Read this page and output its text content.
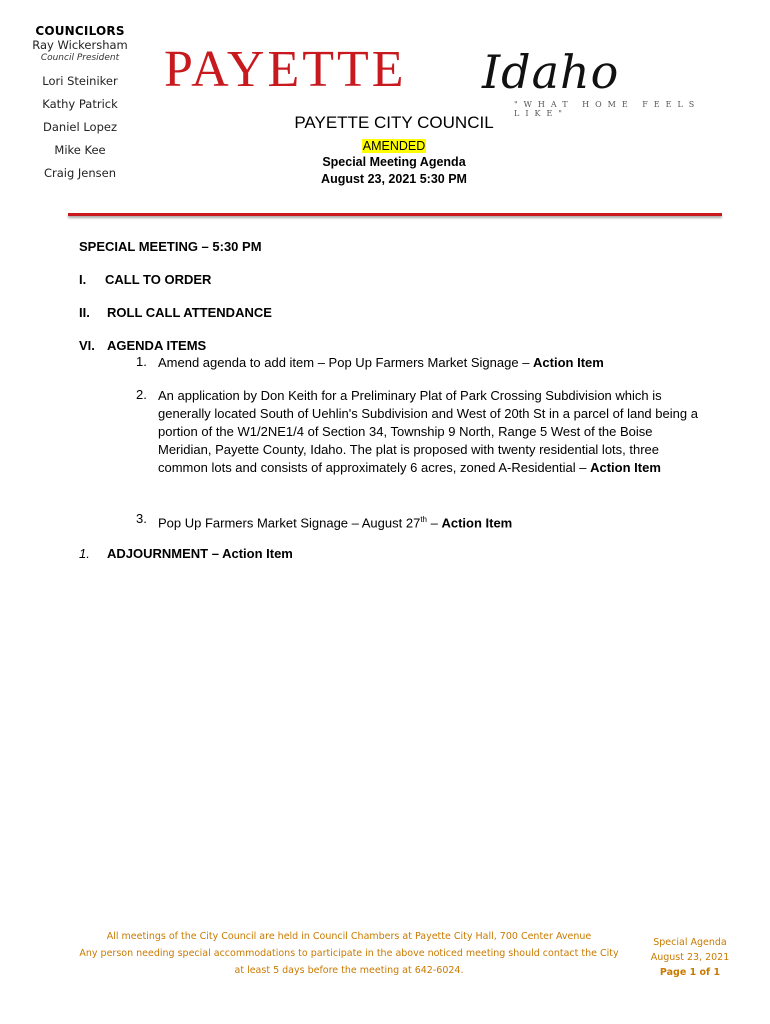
COUNCILORS
Ray Wickersham
Council President
Lori Steiniker
Kathy Patrick
Daniel Lopez
Mike Kee
Craig Jensen
PAYETTE Idaho
"WHAT HOME FEELS LIKE"
PAYETTE CITY COUNCIL
AMENDED
Special Meeting Agenda
August 23, 2021 5:30 PM
SPECIAL MEETING – 5:30 PM
I. CALL TO ORDER
II. ROLL CALL ATTENDANCE
VI. AGENDA ITEMS
1. Amend agenda to add item – Pop Up Farmers Market Signage – Action Item
2. An application by Don Keith for a Preliminary Plat of Park Crossing Subdivision which is generally located South of Uehlin's Subdivision and West of 20th St in a parcel of land being a portion of the W1/2NE1/4 of Section 34, Township 9 North, Range 5 West of the Boise Meridian, Payette County, Idaho. The plat is proposed with twenty residential lots, three common lots and consists of approximately 6 acres, zoned A-Residential – Action Item
3. Pop Up Farmers Market Signage – August 27th – Action Item
1. ADJOURNMENT – Action Item
All meetings of the City Council are held in Council Chambers at Payette City Hall, 700 Center Avenue
Any person needing special accommodations to participate in the above noticed meeting should contact the City
at least 5 days before the meeting at 642-6024.
Special Agenda
August 23, 2021
Page 1 of 1
